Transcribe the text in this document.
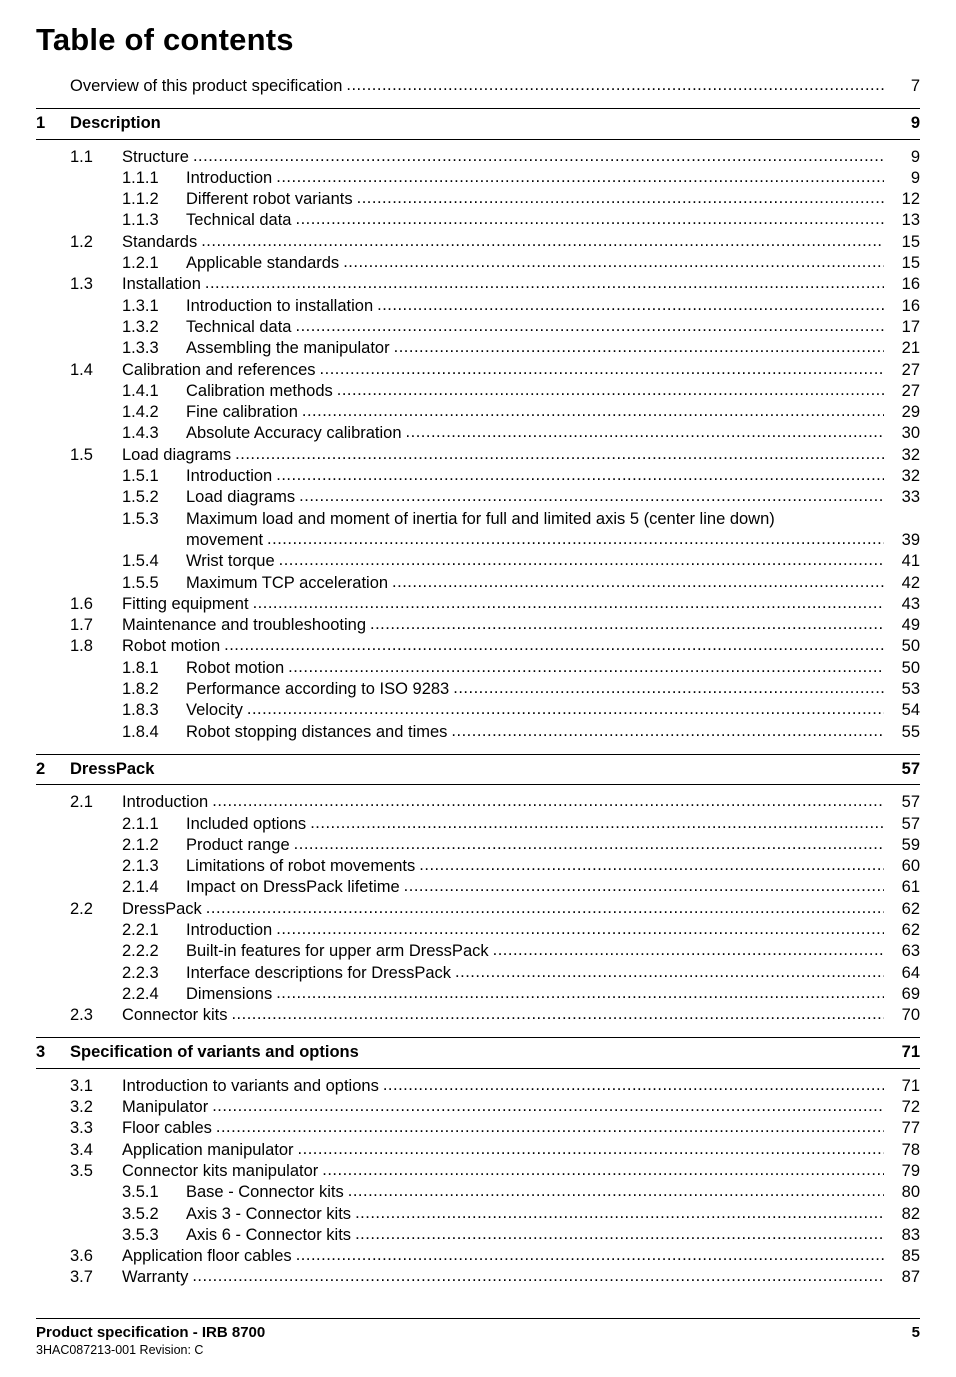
Table of contents
Overview of this product specification .....	7
1	Description	9
1.1	Structure .....	9
1.1.1	Introduction .....	9
1.1.2	Different robot variants .....	12
1.1.3	Technical data .....	13
1.2	Standards .....	15
1.2.1	Applicable standards .....	15
1.3	Installation .....	16
1.3.1	Introduction to installation .....	16
1.3.2	Technical data .....	17
1.3.3	Assembling the manipulator .....	21
1.4	Calibration and references .....	27
1.4.1	Calibration methods .....	27
1.4.2	Fine calibration .....	29
1.4.3	Absolute Accuracy calibration .....	30
1.5	Load diagrams .....	32
1.5.1	Introduction .....	32
1.5.2	Load diagrams .....	33
1.5.3	Maximum load and moment of inertia for full and limited axis 5 (center line down)
movement .....	39
1.5.4	Wrist torque .....	41
1.5.5	Maximum TCP acceleration .....	42
1.6	Fitting equipment .....	43
1.7	Maintenance and troubleshooting .....	49
1.8	Robot motion .....	50
1.8.1	Robot motion .....	50
1.8.2	Performance according to ISO 9283 .....	53
1.8.3	Velocity .....	54
1.8.4	Robot stopping distances and times .....	55
2	DressPack	57
2.1	Introduction .....	57
2.1.1	Included options .....	57
2.1.2	Product range .....	59
2.1.3	Limitations of robot movements .....	60
2.1.4	Impact on DressPack lifetime .....	61
2.2	DressPack .....	62
2.2.1	Introduction .....	62
2.2.2	Built-in features for upper arm DressPack .....	63
2.2.3	Interface descriptions for DressPack .....	64
2.2.4	Dimensions .....	69
2.3	Connector kits .....	70
3	Specification of variants and options	71
3.1	Introduction to variants and options .....	71
3.2	Manipulator .....	72
3.3	Floor cables .....	77
3.4	Application manipulator .....	78
3.5	Connector kits manipulator .....	79
3.5.1	Base - Connector kits .....	80
3.5.2	Axis 3 - Connector kits .....	82
3.5.3	Axis 6 - Connector kits .....	83
3.6	Application floor cables .....	85
3.7	Warranty .....	87
Product specification - IRB 8700	5
3HAC087213-001 Revision: C
